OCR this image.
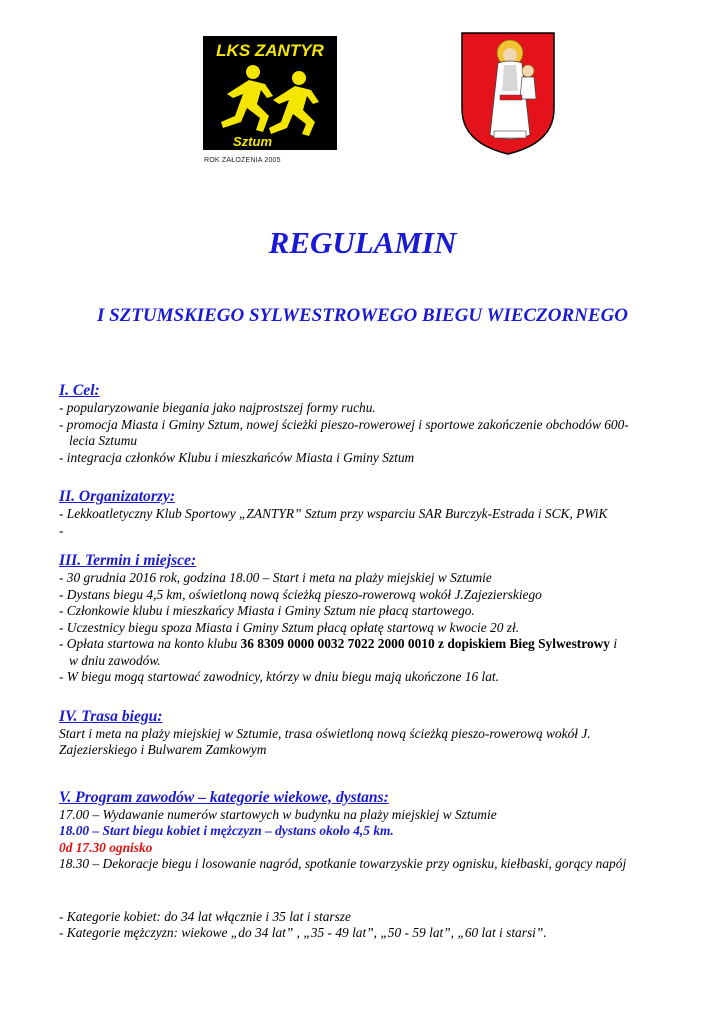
LKS ZANTYR
Sztum
ROK ZAŁOŻENIA 2005
REGULAMIN
I SZTUMSKIEGO SYLWESTROWEGO BIEGU WIECZORNEGO

I. Cel:

- popularyzowanie biegania jako najprostszej formy ruchu.

- promocja Miasta i Gminy Sztum, nowej ścieżki pieszo-rowerowej i sportowe zakończenie obchodów 600-

lecia Sztumu

- integracja członków Klubu i mieszkańców Miasta i Gminy Sztum

II. Organizatorzy:

- Lekkoatletyczny Klub Sportowy „ZANTYR” Sztum przy wsparciu SAR Burczyk-Estrada i SCK, PWiK

-

III. Termin i miejsce:

- 30 grudnia 2016 rok, godzina 18.00 – Start i meta na plaży miejskiej w Sztumie

- Dystans biegu 4,5 km, oświetloną nową ścieżką pieszo-rowerową wokół J.Zajezierskiego

- Członkowie klubu i mieszkańcy Miasta i Gminy Sztum nie płacą startowego.

- Uczestnicy biegu spoza Miasta i Gminy Sztum płacą opłatę startową w kwocie 20 zł.

- Opłata startowa na konto klubu 36 8309 0000 0032 7022 2000 0010 z dopiskiem Bieg Sylwestrowy i

w dniu zawodów.

- W biegu mogą startować zawodnicy, którzy w dniu biegu mają ukończone 16 lat.

IV. Trasa biegu:

Start i meta na plaży miejskiej w Sztumie, trasa oświetloną nową ścieżką pieszo-rowerową wokół J.

Zajezierskiego i Bulwarem Zamkowym

V. Program zawodów – kategorie wiekowe, dystans:

17.00 – Wydawanie numerów startowych w budynku na plaży miejskiej w Sztumie

18.00 – Start biegu kobiet i mężczyzn – dystans około 4,5 km.

0d 17.30 ognisko

18.30 – Dekoracje biegu i losowanie nagród, spotkanie towarzyskie przy ognisku, kiełbaski, gorący napój

- Kategorie kobiet: do 34 lat włącznie i 35 lat i starsze

- Kategorie mężczyzn: wiekowe „do 34 lat” , „35 - 49 lat”, „50 - 59 lat”, „60 lat i starsi”.
